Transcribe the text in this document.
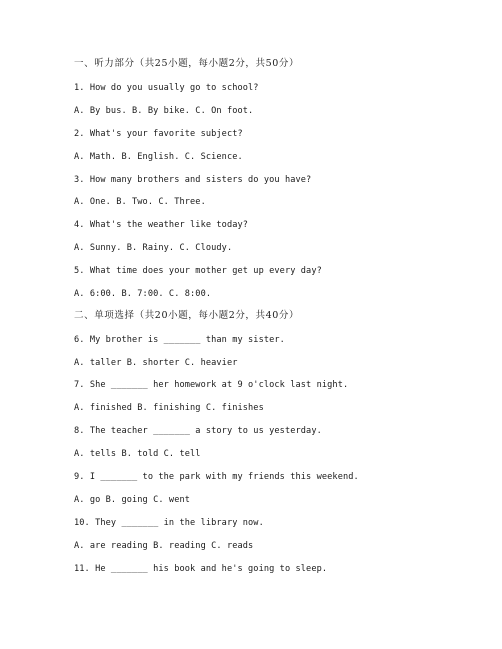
一、听力部分（共25小题，每小题2分，共50分）
1. How do you usually go to school?
A. By bus. B. By bike. C. On foot.
2. What's your favorite subject?
A. Math. B. English. C. Science.
3. How many brothers and sisters do you have?
A. One. B. Two. C. Three.
4. What's the weather like today?
A. Sunny. B. Rainy. C. Cloudy.
5. What time does your mother get up every day?
A. 6:00. B. 7:00. C. 8:00.
二、单项选择（共20小题，每小题2分，共40分）
6. My brother is _______ than my sister.
A. taller B. shorter C. heavier
7. She _______ her homework at 9 o'clock last night.
A. finished B. finishing C. finishes
8. The teacher _______ a story to us yesterday.
A. tells B. told C. tell
9. I _______ to the park with my friends this weekend.
A. go B. going C. went
10. They _______ in the library now.
A. are reading B. reading C. reads
11. He _______ his book and he's going to sleep.
